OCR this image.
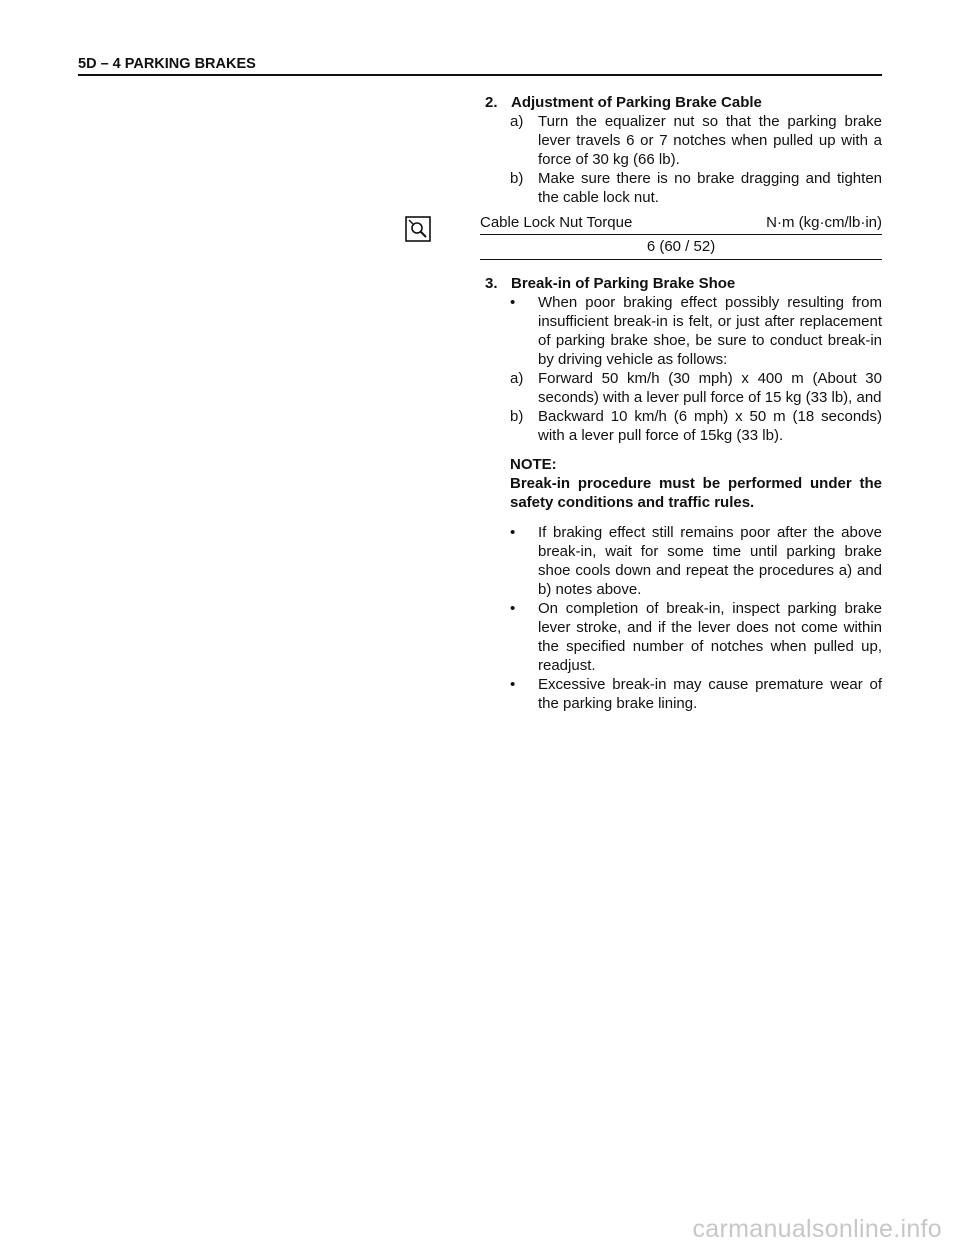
5D – 4 PARKING BRAKES
2. Adjustment of Parking Brake Cable
a) Turn the equalizer nut so that the parking brake lever travels 6 or 7 notches when pulled up with a force of 30 kg (66 lb).
b) Make sure there is no brake dragging and tighten the cable lock nut.
Cable Lock Nut Torque	N·m (kg·cm/lb·in)
6 (60 / 52)
3. Break-in of Parking Brake Shoe
• When poor braking effect possibly resulting from insufficient break-in is felt, or just after replacement of parking brake shoe, be sure to conduct break-in by driving vehicle as follows:
a) Forward 50 km/h (30 mph) x 400 m (About 30 seconds) with a lever pull force of 15 kg (33 lb), and
b) Backward 10 km/h (6 mph) x 50 m (18 seconds) with a lever pull force of 15kg (33 lb).
NOTE:
Break-in procedure must be performed under the safety conditions and traffic rules.
• If braking effect still remains poor after the above break-in, wait for some time until parking brake shoe cools down and repeat the procedures a) and b) notes above.
• On completion of break-in, inspect parking brake lever stroke, and if the lever does not come within the specified number of notches when pulled up, readjust.
• Excessive break-in may cause premature wear of the parking brake lining.
carmanualsonline.info
